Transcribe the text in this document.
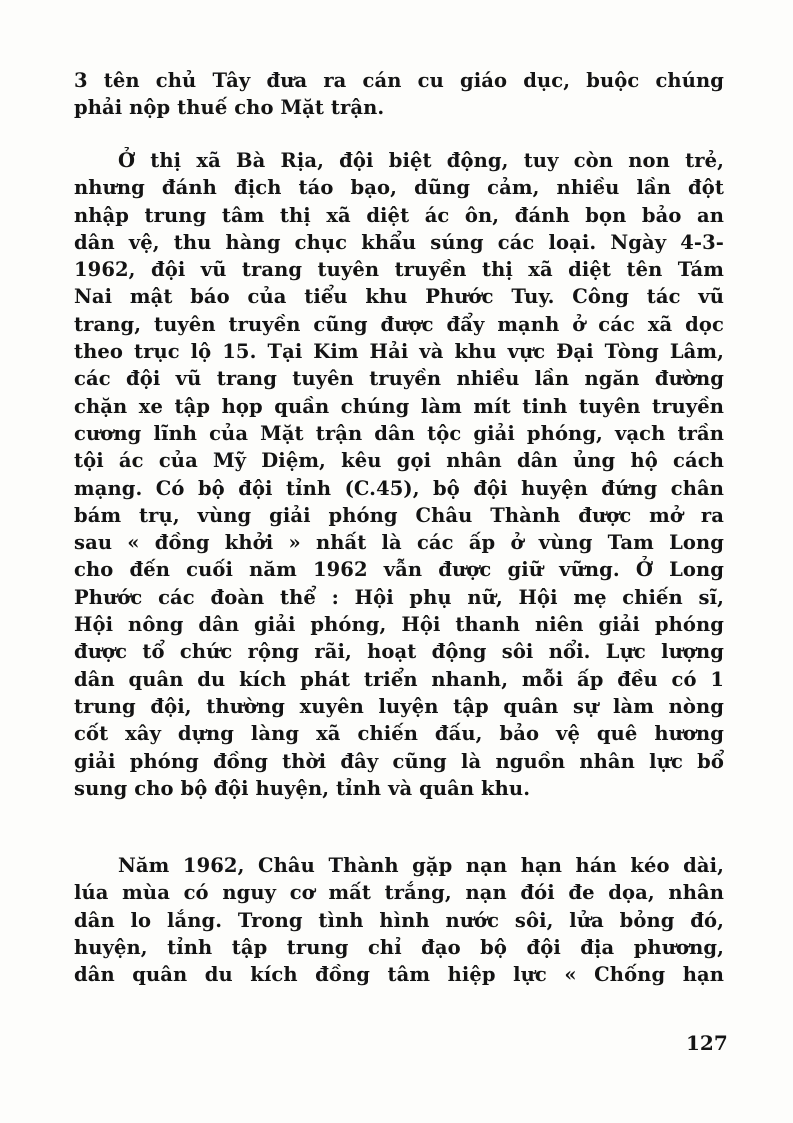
3 tên chủ Tây đưa ra cán cu giáo dục, buộc chúng
phải nộp thuế cho Mặt trận.
Ở thị xã Bà Rịa, đội biệt động, tuy còn non trẻ,
nhưng đánh địch táo bạo, dũng cảm, nhiều lần đột
nhập trung tâm thị xã diệt ác ôn, đánh bọn bảo an
dân vệ, thu hàng chục khẩu súng các loại. Ngày 4-3-
1962, đội vũ trang tuyên truyền thị xã diệt tên Tám
Nai mật báo của tiểu khu Phước Tuy. Công tác vũ
trang, tuyên truyền cũng được đẩy mạnh ở các xã dọc
theo trục lộ 15. Tại Kim Hải và khu vực Đại Tòng Lâm,
các đội vũ trang tuyên truyền nhiều lần ngăn đường
chặn xe tập họp quần chúng làm mít tinh tuyên truyền
cương lĩnh của Mặt trận dân tộc giải phóng, vạch trần
tội ác của Mỹ Diệm, kêu gọi nhân dân ủng hộ cách
mạng. Có bộ đội tỉnh (C.45), bộ đội huyện đứng chân
bám trụ, vùng giải phóng Châu Thành được mở ra
sau « đồng khởi » nhất là các ấp ở vùng Tam Long
cho đến cuối năm 1962 vẫn được giữ vững. Ở Long
Phước các đoàn thể : Hội phụ nữ, Hội mẹ chiến sĩ,
Hội nông dân giải phóng, Hội thanh niên giải phóng
được tổ chức rộng rãi, hoạt động sôi nổi. Lực lượng
dân quân du kích phát triển nhanh, mỗi ấp đều có 1
trung đội, thường xuyên luyện tập quân sự làm nòng
cốt xây dựng làng xã chiến đấu, bảo vệ quê hương
giải phóng đồng thời đây cũng là nguồn nhân lực bổ
sung cho bộ đội huyện, tỉnh và quân khu.
Năm 1962, Châu Thành gặp nạn hạn hán kéo dài,
lúa mùa có nguy cơ mất trắng, nạn đói đe dọa, nhân
dân lo lắng. Trong tình hình nước sôi, lửa bỏng đó,
huyện, tỉnh tập trung chỉ đạo bộ đội địa phương,
dân quân du kích đồng tâm hiệp lực « Chống hạn
127
